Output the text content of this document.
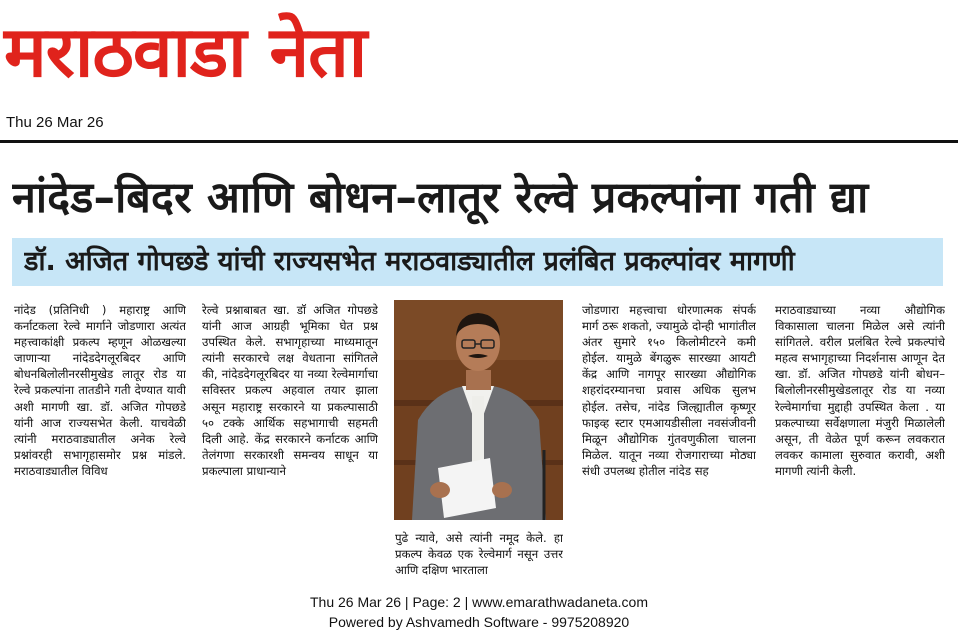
मराठवाडा नेता
Thu 26 Mar 26
नांदेड–बिदर आणि बोधन–लातूर रेल्वे प्रकल्पांना गती द्या
डॉ. अजित गोपछडे यांची राज्यसभेत मराठवाड्यातील प्रलंबित प्रकल्पांवर मागणी

नांदेड (प्रतिनिधी ) महाराष्ट्र आणि कर्नाटकला रेल्वे मार्गाने जोडणारा अत्यंत महत्त्वाकांक्षी प्रकल्प म्हणून ओळखल्या जाणाऱ्या नांदेडदेगलूरबिदर आणि बोधनबिलोलीनरसीमुखेड लातूर रोड या रेल्वे प्रकल्पांना तातडीने गती देण्यात यावी अशी मागणी खा. डॉ. अजित गोपछडे यांनी आज राज्यसभेत केली. याचवेळी त्यांनी मराठवाड्यातील अनेक रेल्वे प्रश्नांवरही सभागृहासमोर प्रश्न मांडले. मराठवाड्यातील विविध

रेल्वे प्रश्नाबाबत खा. डॉ अजित गोपछडे यांनी आज आग्रही भूमिका घेत प्रश्न उपस्थित केले. सभागृहाच्या माध्यमातून त्यांनी सरकारचे लक्ष वेधताना सांगितले की, नांदेडदेगलूरबिदर या नव्या रेल्वेमार्गाचा सविस्तर प्रकल्प अहवाल तयार झाला असून महाराष्ट्र सरकारने या प्रकल्पासाठी ५० टक्के आर्थिक सहभागाची सहमती दिली आहे. केंद्र सरकारने कर्नाटक आणि तेलंगणा सरकारशी समन्वय साधून या प्रकल्पाला प्राधान्याने

पुढे न्यावे, असे त्यांनी नमूद केले. हा प्रकल्प केवळ एक रेल्वेमार्ग नसून उत्तर आणि दक्षिण भारताला

जोडणारा महत्त्वाचा धोरणात्मक संपर्क मार्ग ठरू शकतो, ज्यामुळे दोन्ही भागांतील अंतर सुमारे १५० किलोमीटरने कमी होईल. यामुळे बेंगळुरू सारख्या आयटी केंद्र आणि नागपूर सारख्या औद्योगिक शहरांदरम्यानचा प्रवास अधिक सुलभ होईल. तसेच, नांदेड जिल्ह्यातील कृष्णूर फाइव्ह स्टार एमआयडीसीला नवसंजीवनी मिळून औद्योगिक गुंतवणुकीला चालना मिळेल. यातून नव्या रोजगाराच्या मोठ्या संधी उपलब्ध होतील नांदेड सह

मराठवाड्याच्या नव्या औद्योगिक विकासाला चालना मिळेल असे त्यांनी सांगितले. वरील प्रलंबित रेल्वे प्रकल्पांचे महत्व सभागृहाच्या निदर्शनास आणून देत खा. डॉ. अजित गोपछडे यांनी बोधन–बिलोलीनरसीमुखेडलातूर रोड या नव्या रेल्वेमार्गाचा मुद्दाही उपस्थित केला . या प्रकल्पाच्या सर्वेक्षणाला मंजुरी मिळालेली असून, ती वेळेत पूर्ण करून लवकरात लवकर कामाला सुरुवात करावी, अशी मागणी त्यांनी केली.

Thu 26 Mar 26 | Page: 2 | www.emarathwadaneta.com
Powered by Ashvamedh Software - 9975208920
